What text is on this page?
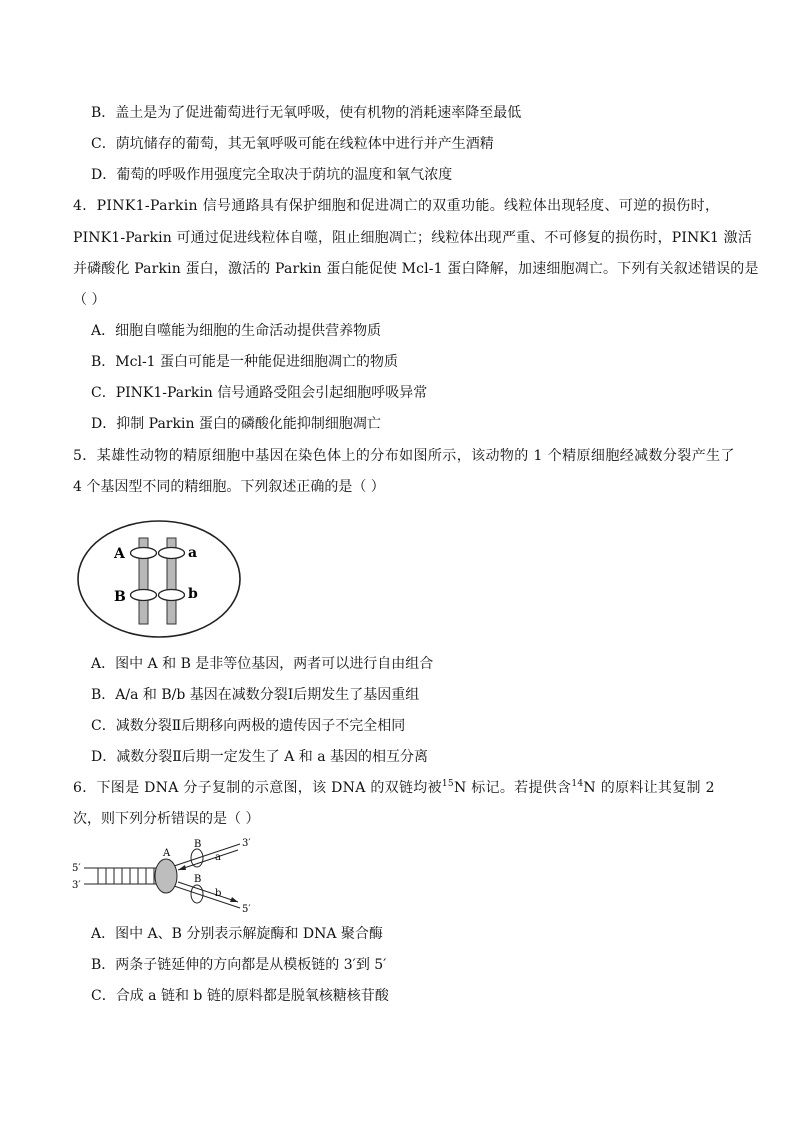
B．盖土是为了促进葡萄进行无氧呼吸，使有机物的消耗速率降至最低
C．荫坑储存的葡萄，其无氧呼吸可能在线粒体中进行并产生酒精
D．葡萄的呼吸作用强度完全取决于荫坑的温度和氧气浓度
4．PINK1-Parkin 信号通路具有保护细胞和促进凋亡的双重功能。线粒体出现轻度、可逆的损伤时，
PINK1-Parkin 可通过促进线粒体自噬，阻止细胞凋亡；线粒体出现严重、不可修复的损伤时，PINK1 激活
并磷酸化 Parkin 蛋白，激活的 Parkin 蛋白能促使 Mcl-1 蛋白降解，加速细胞凋亡。下列有关叙述错误的是
（ ）
A．细胞自噬能为细胞的生命活动提供营养物质
B．Mcl-1 蛋白可能是一种能促进细胞凋亡的物质
C．PINK1-Parkin 信号通路受阻会引起细胞呼吸异常
D．抑制 Parkin 蛋白的磷酸化能抑制细胞凋亡
5．某雄性动物的精原细胞中基因在染色体上的分布如图所示，该动物的 1 个精原细胞经减数分裂产生了
4 个基因型不同的精细胞。下列叙述正确的是（ ）
A	a
B	b
A．图中 A 和 B 是非等位基因，两者可以进行自由组合
B．A/a 和 B/b 基因在减数分裂Ⅰ后期发生了基因重组
C．减数分裂Ⅱ后期移向两极的遗传因子不完全相同
D．减数分裂Ⅱ后期一定发生了 A 和 a 基因的相互分离
6．下图是 DNA 分子复制的示意图，该 DNA 的双链均被$^{15}$N 标记。若提供含$^{14}$N 的原料让其复制 2
次，则下列分析错误的是（ ）
5′
3′
3′
5′
A
B
B
a
b
A．图中 A、B 分别表示解旋酶和 DNA 聚合酶
B．两条子链延伸的方向都是从模板链的 3′到 5′
C．合成 a 链和 b 链的原料都是脱氧核糖核苷酸
